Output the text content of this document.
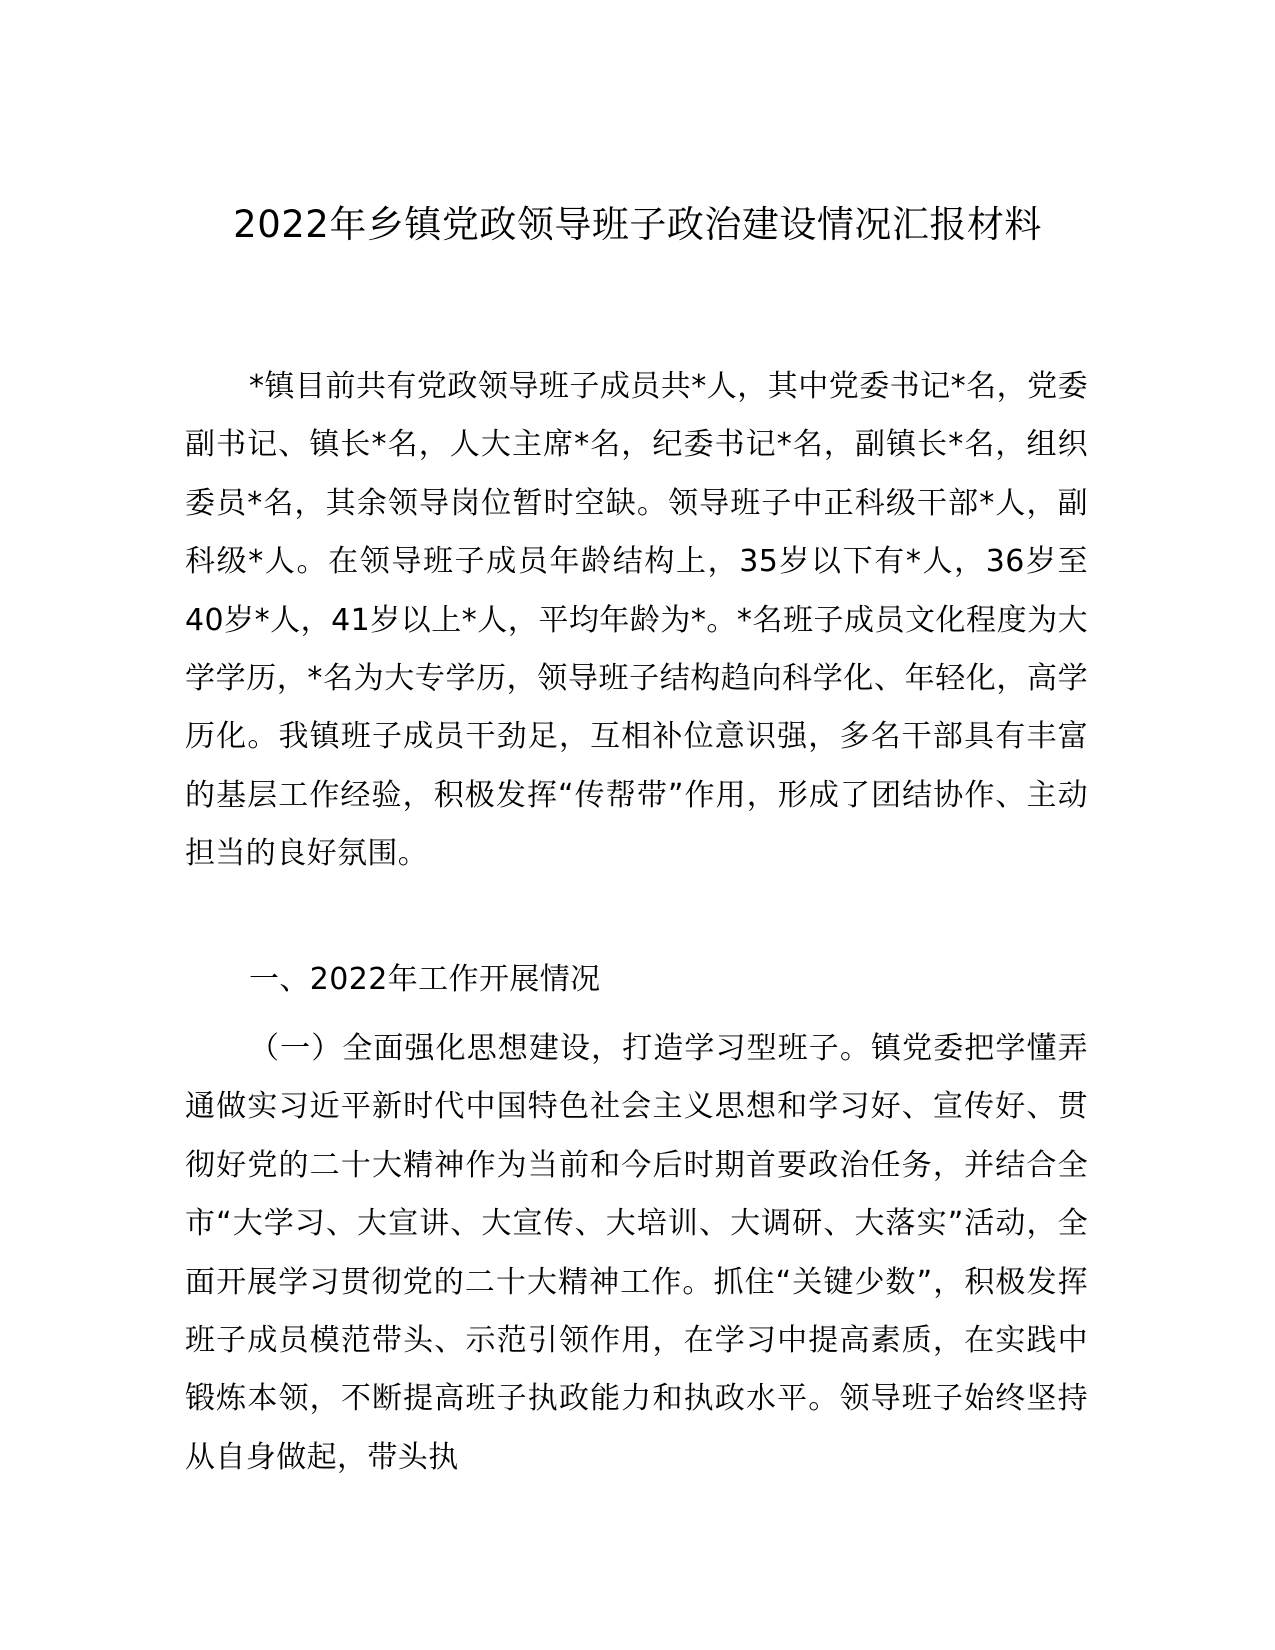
2022年乡镇党政领导班子政治建设情况汇报材料

*镇目前共有党政领导班子成员共*人，其中党委书记*名，党委副书记、镇长*名，人大主席*名，纪委书记*名，副镇长*名，组织委员*名，其余领导岗位暂时空缺。领导班子中正科级干部*人，副科级*人。在领导班子成员年龄结构上，35岁以下有*人，36岁至40岁*人，41岁以上*人，平均年龄为*。*名班子成员文化程度为大学学历，*名为大专学历，领导班子结构趋向科学化、年轻化，高学历化。我镇班子成员干劲足，互相补位意识强，多名干部具有丰富的基层工作经验，积极发挥“传帮带”作用，形成了团结协作、主动担当的良好氛围。

一、2022年工作开展情况

（一）全面强化思想建设，打造学习型班子。镇党委把学懂弄通做实习近平新时代中国特色社会主义思想和学习好、宣传好、贯彻好党的二十大精神作为当前和今后时期首要政治任务，并结合全市“大学习、大宣讲、大宣传、大培训、大调研、大落实”活动，全面开展学习贯彻党的二十大精神工作。抓住“关键少数”，积极发挥班子成员模范带头、示范引领作用，在学习中提高素质，在实践中锻炼本领，不断提高班子执政能力和执政水平。领导班子始终坚持从自身做起，带头执
